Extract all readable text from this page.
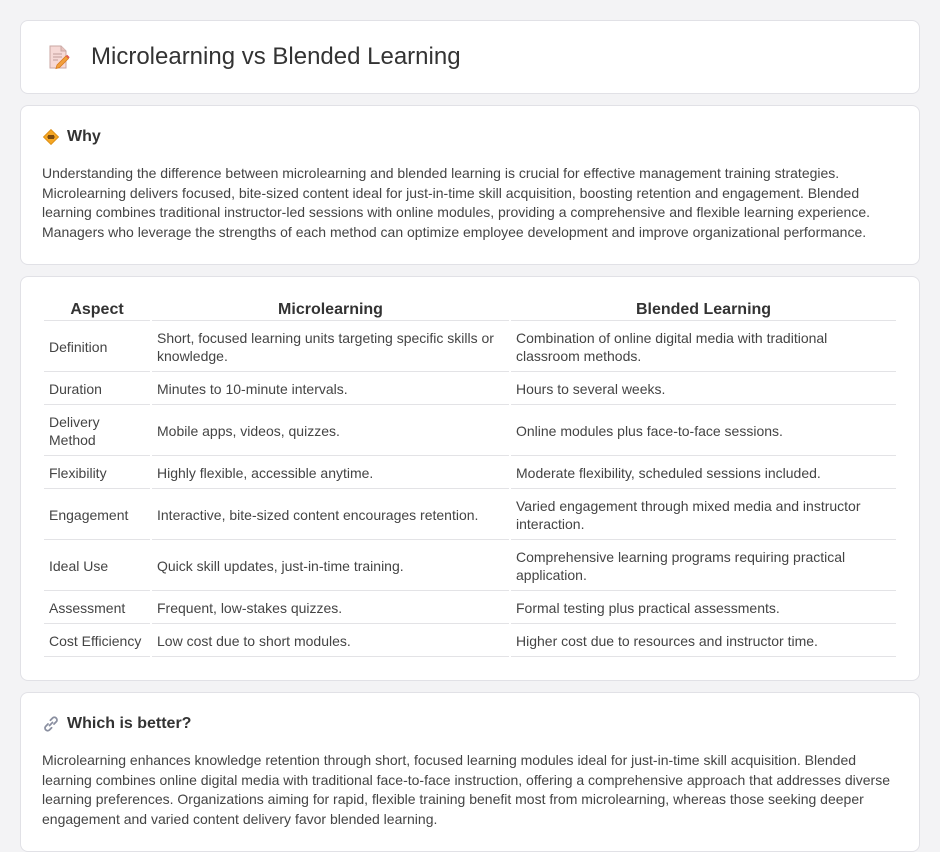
Microlearning vs Blended Learning
Why

Understanding the difference between microlearning and blended learning is crucial for effective management training strategies. Microlearning delivers focused, bite-sized content ideal for just-in-time skill acquisition, boosting retention and engagement. Blended learning combines traditional instructor-led sessions with online modules, providing a comprehensive and flexible learning experience. Managers who leverage the strengths of each method can optimize employee development and improve organizational performance.

Aspect	Microlearning	Blended Learning
Definition	Short, focused learning units targeting specific skills or knowledge.	Combination of online digital media with traditional classroom methods.
Duration	Minutes to 10-minute intervals.	Hours to several weeks.
Delivery Method	Mobile apps, videos, quizzes.	Online modules plus face-to-face sessions.
Flexibility	Highly flexible, accessible anytime.	Moderate flexibility, scheduled sessions included.
Engagement	Interactive, bite-sized content encourages retention.	Varied engagement through mixed media and instructor interaction.
Ideal Use	Quick skill updates, just-in-time training.	Comprehensive learning programs requiring practical application.
Assessment	Frequent, low-stakes quizzes.	Formal testing plus practical assessments.
Cost Efficiency	Low cost due to short modules.	Higher cost due to resources and instructor time.
Which is better?

Microlearning enhances knowledge retention through short, focused learning modules ideal for just-in-time skill acquisition. Blended learning combines online digital media with traditional face-to-face instruction, offering a comprehensive approach that addresses diverse learning preferences. Organizations aiming for rapid, flexible training benefit most from microlearning, whereas those seeking deeper engagement and varied content delivery favor blended learning.
